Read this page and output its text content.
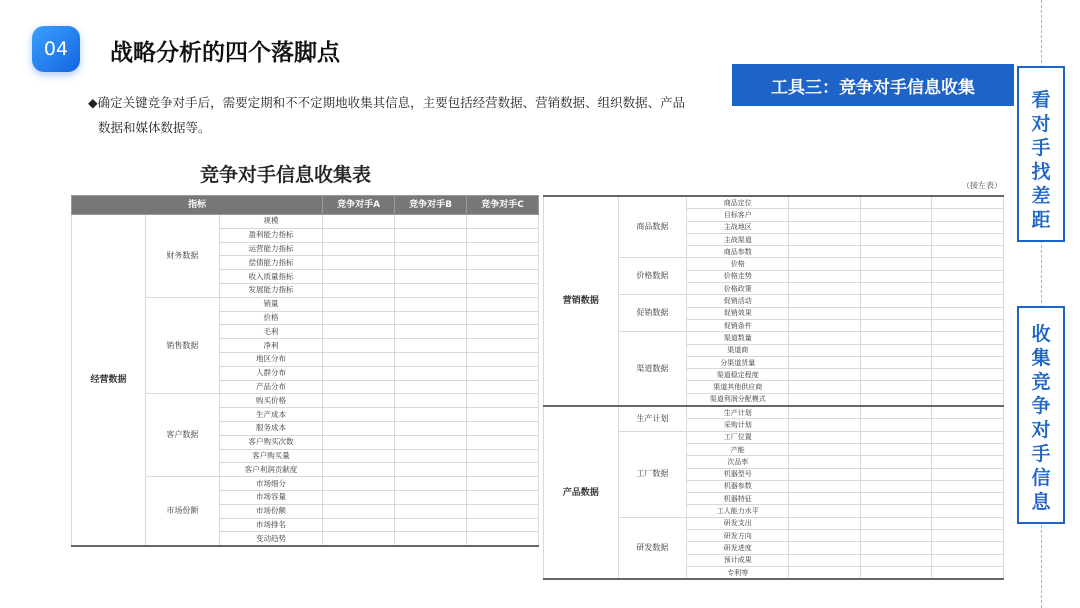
04	战略分析的四个落脚点
◆确定关键竞争对手后，需要定期和不不定期地收集其信息，主要包括经营数据、营销数据、组织数据、产品
数据和媒体数据等。
工具三：竞争对手信息收集
看
对
手
找
差
距
收
集
竞
争
对
手
信
息
竞争对手信息收集表	（接左表）
指标			竞争对手A	竞争对手B	竞争对手C
经营数据	财务数据	规模			
		盈利能力指标			
		运营能力指标			
		偿债能力指标			
		收入质量指标			
		发展能力指标			
	销售数据	销量			
		价格			
		毛利			
		净利			
		地区分布			
		人群分布			
		产品分布			
	客户数据	购买价格			
		生产成本			
		服务成本			
		客户购买次数			
		客户购买量			
		客户利润贡献度			
	市场份额	市场细分			
		市场容量			
		市场份额			
		市场排名			
		变动趋势			
营销数据	商品数据	商品定位			
		目标客户			
		主战地区			
		主战渠道			
		商品参数			
	价格数据	价格			
		价格走势			
		价格政策			
	促销数据	促销活动			
		促销效果			
		促销条件			
	渠道数据	渠道数量			
		渠道商			
		分渠道货量			
		渠道稳定程度			
		渠道其他供应商			
		渠道利润分配模式			
产品数据	生产计划	生产计划			
		采购计划			
	工厂数据	工厂位置			
		产能			
		次品率			
		机器型号			
		机器参数			
		机器特征			
		工人能力水平			
	研发数据	研发支出			
		研发方向			
		研发进度			
		预计成果			
		专利等			
